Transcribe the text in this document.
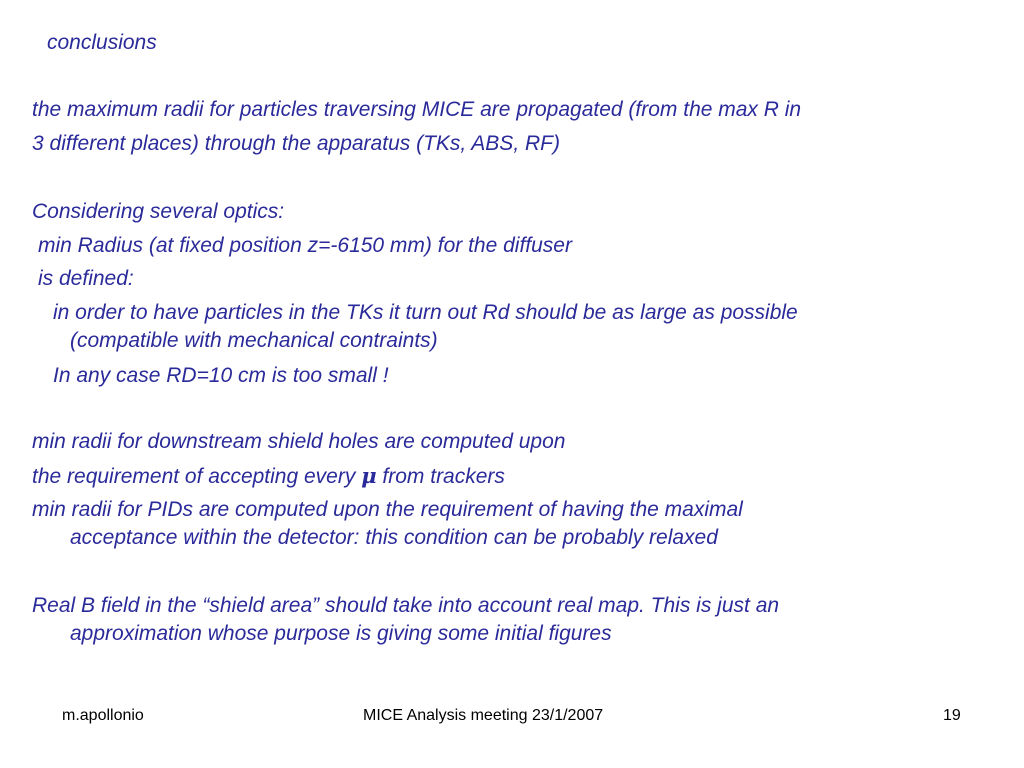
conclusions
the maximum radii for particles traversing MICE are propagated (from the max R in
3 different places) through the apparatus (TKs, ABS, RF)
Considering several optics:
min Radius (at fixed position z=-6150 mm) for the diffuser
is defined:
in order to have particles in the TKs it turn out Rd should be as large as possible
(compatible with mechanical contraints)
In any case RD=10 cm is too small !
min radii for downstream shield holes are computed upon
the requirement of accepting every μ from trackers
min radii for PIDs are computed upon the requirement of having the maximal
acceptance within the detector: this condition can be probably relaxed
Real B field in the “shield area” should take into account real map. This is just an
approximation whose purpose is giving some initial figures
m.apollonio	MICE Analysis meeting 23/1/2007	19
